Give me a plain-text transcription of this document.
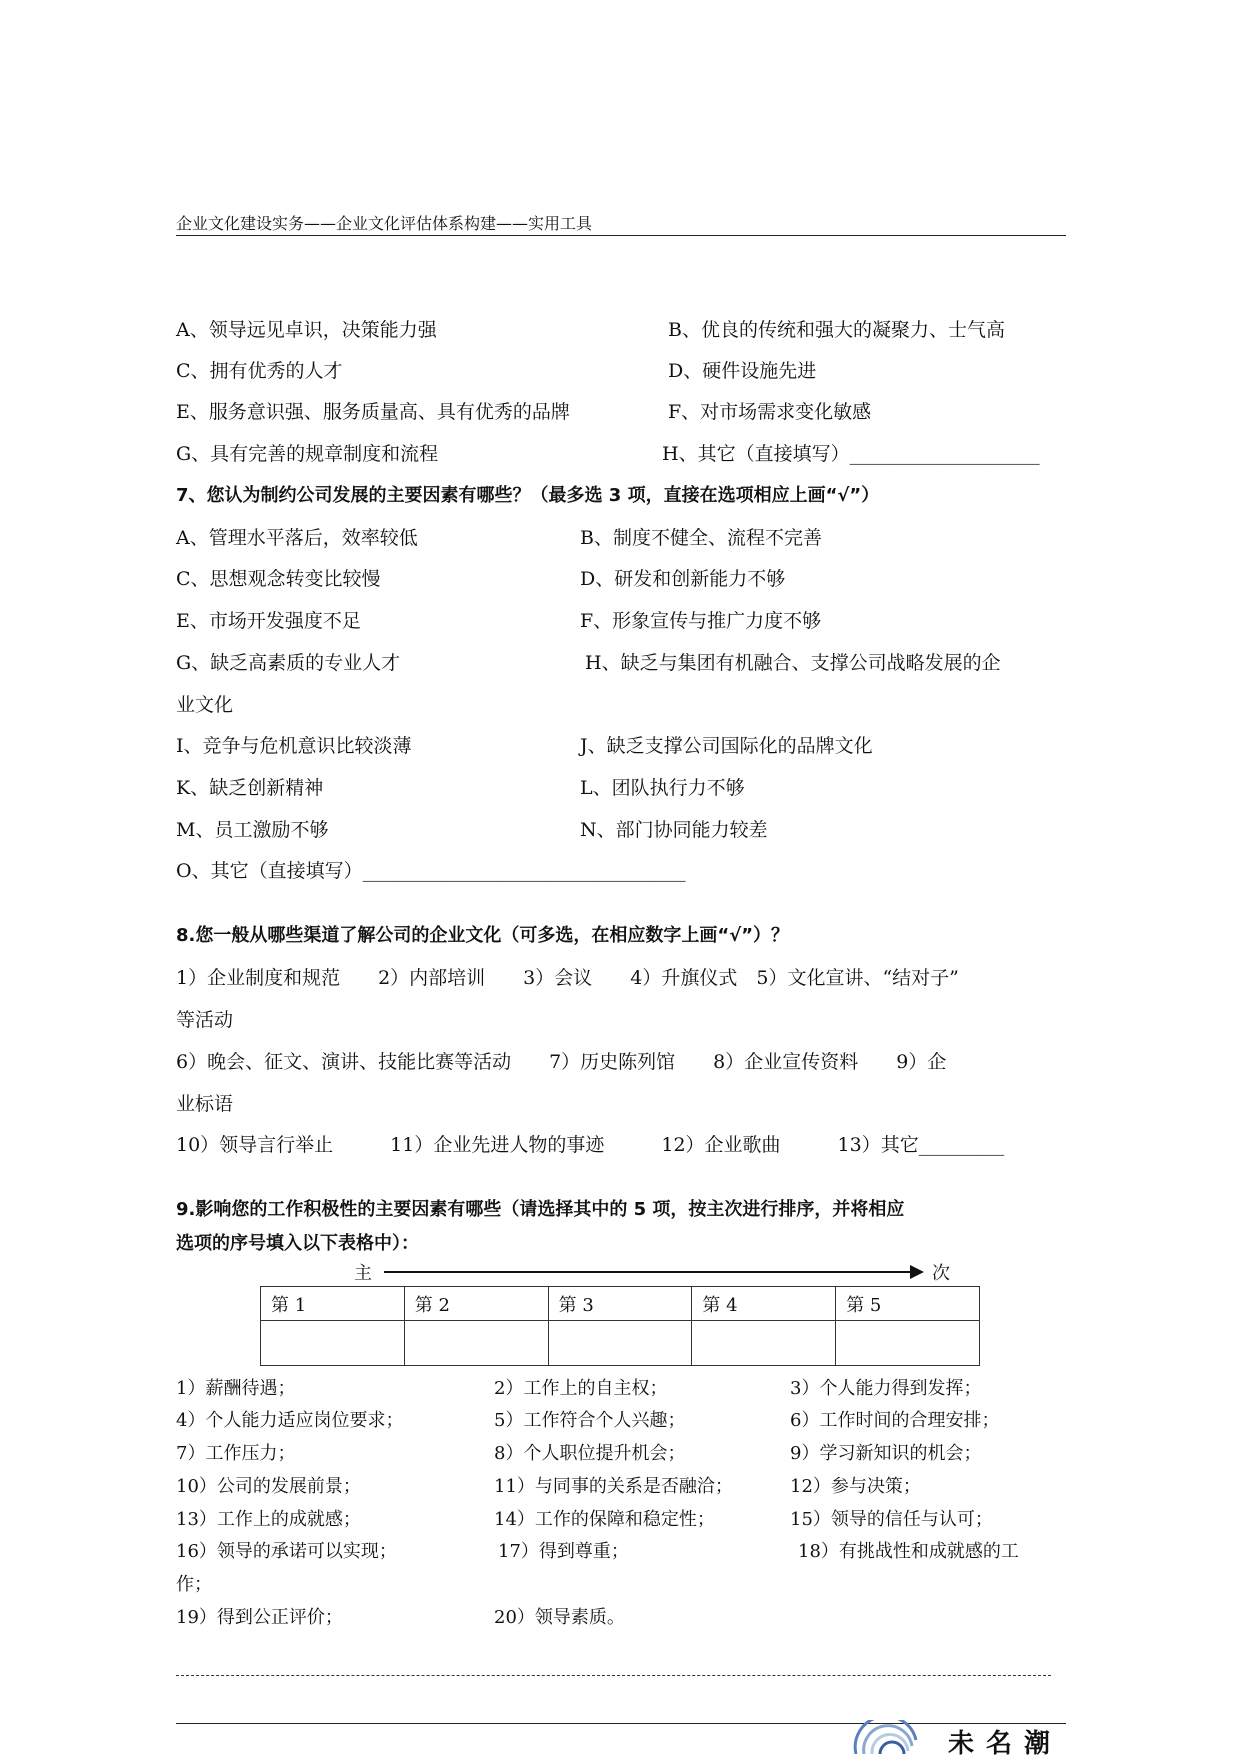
企业文化建设实务——企业文化评估体系构建——实用工具
A、领导远见卓识，决策能力强	B、优良的传统和强大的凝聚力、士气高
C、拥有优秀的人才	D、硬件设施先进
E、服务意识强、服务质量高、具有优秀的品牌	F、对市场需求变化敏感
G、具有完善的规章制度和流程	H、其它（直接填写）____________________
7、您认为制约公司发展的主要因素有哪些？（最多选 3 项，直接在选项相应上画“√”）
A、管理水平落后，效率较低	B、制度不健全、流程不完善
C、思想观念转变比较慢	D、研发和创新能力不够
E、市场开发强度不足	F、形象宣传与推广力度不够
G、缺乏高素质的专业人才	H、缺乏与集团有机融合、支撑公司战略发展的企
业文化
I、竞争与危机意识比较淡薄	J、缺乏支撑公司国际化的品牌文化
K、缺乏创新精神	L、团队执行力不够
M、员工激励不够	N、部门协同能力较差
O、其它（直接填写）__________________________________
8.您一般从哪些渠道了解公司的企业文化（可多选，在相应数字上画“√”）？
1）企业制度和规范　　2）内部培训　　3）会议　　4）升旗仪式　5）文化宣讲、“结对子”
等活动
6）晚会、征文、演讲、技能比赛等活动　　7）历史陈列馆　　8）企业宣传资料　　9）企
业标语
10）领导言行举止　　　11）企业先进人物的事迹　　　12）企业歌曲　　　13）其它_________
9.影响您的工作积极性的主要因素有哪些（请选择其中的 5 项，按主次进行排序，并将相应
选项的序号填入以下表格中）：
主	次
第 1	第 2	第 3	第 4	第 5

1）薪酬待遇；	2）工作上的自主权；	3）个人能力得到发挥；
4）个人能力适应岗位要求；	5）工作符合个人兴趣；	6）工作时间的合理安排；
7）工作压力；	8）个人职位提升机会；	9）学习新知识的机会；
10）公司的发展前景；	11）与同事的关系是否融洽；	12）参与决策；
13）工作上的成就感；	14）工作的保障和稳定性；	15）领导的信任与认可；
16）领导的承诺可以实现；	17）得到尊重；	18）有挑战性和成就感的工
作；
19）得到公正评价；	20）领导素质。
未名潮
